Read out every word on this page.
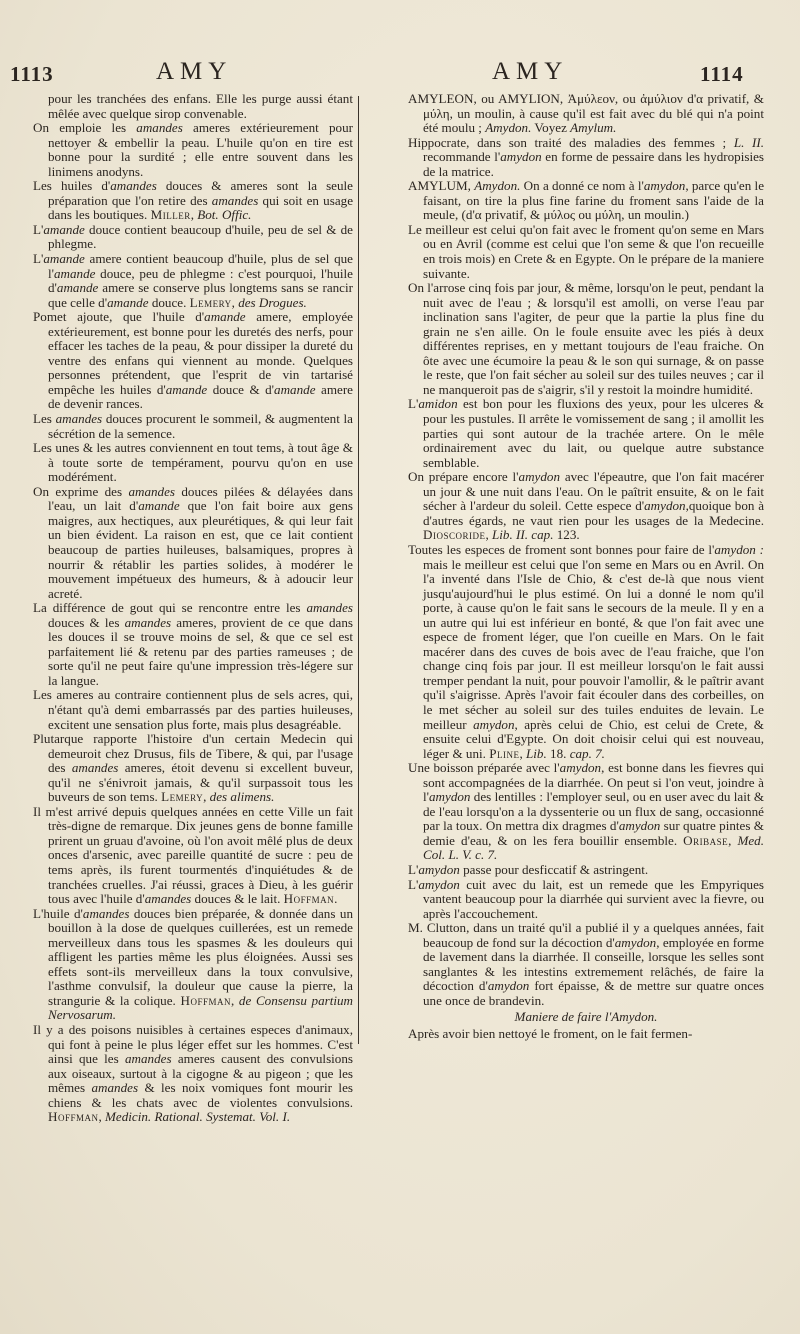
1113	AMY	AMY	1114

pour les tranchées des enfans. Elle les purge aussi étant mêlée avec quelque sirop convenable.

On emploie les amandes ameres extérieurement pour nettoyer & embellir la peau. L'huile qu'on en tire est bonne pour la surdité ; elle entre souvent dans les linimens anodyns.

Les huiles d'amandes douces & ameres sont la seule préparation que l'on retire des amandes qui soit en usage dans les boutiques. Miller, Bot. Offic.

L'amande douce contient beaucoup d'huile, peu de sel & de phlegme.

L'amande amere contient beaucoup d'huile, plus de sel que l'amande douce, peu de phlegme : c'est pourquoi, l'huile d'amande amere se conserve plus longtems sans se rancir que celle d'amande douce. Lemery, des Drogues.

Pomet ajoute, que l'huile d'amande amere, employée extérieurement, est bonne pour les duretés des nerfs, pour effacer les taches de la peau, & pour dissiper la dureté du ventre des enfans qui viennent au monde. Quelques personnes prétendent, que l'esprit de vin tartarisé empêche les huiles d'amande douce & d'amande amere de devenir rances.

Les amandes douces procurent le sommeil, & augmentent la sécrétion de la semence.

Les unes & les autres conviennent en tout tems, à tout âge & à toute sorte de tempérament, pourvu qu'on en use modérément.

On exprime des amandes douces pilées & délayées dans l'eau, un lait d'amande que l'on fait boire aux gens maigres, aux hectiques, aux pleurétiques, & qui leur fait un bien évident. La raison en est, que ce lait contient beaucoup de parties huileuses, balsamiques, propres à nourrir & rétablir les parties solides, à modérer le mouvement impétueux des humeurs, & à adoucir leur acreté.

La différence de gout qui se rencontre entre les amandes douces & les amandes ameres, provient de ce que dans les douces il se trouve moins de sel, & que ce sel est parfaitement lié & retenu par des parties rameuses ; de sorte qu'il ne peut faire qu'une impression très-légere sur la langue.

Les ameres au contraire contiennent plus de sels acres, qui, n'étant qu'à demi embarrassés par des parties huileuses, excitent une sensation plus forte, mais plus desagréable.

Plutarque rapporte l'histoire d'un certain Medecin qui demeuroit chez Drusus, fils de Tibere, & qui, par l'usage des amandes ameres, étoit devenu si excellent buveur, qu'il ne s'énivroit jamais, & qu'il surpassoit tous les buveurs de son tems. Lemery, des alimens.

Il m'est arrivé depuis quelques années en cette Ville un fait très-digne de remarque. Dix jeunes gens de bonne famille prirent un gruau d'avoine, où l'on avoit mêlé plus de deux onces d'arsenic, avec pareille quantité de sucre : peu de tems après, ils furent tourmentés d'inquiétudes & de tranchées cruelles. J'ai réussi, graces à Dieu, à les guérir tous avec l'huile d'amandes douces & le lait. Hoffman.

L'huile d'amandes douces bien préparée, & donnée dans un bouillon à la dose de quelques cuillerées, est un remede merveilleux dans tous les spasmes & les douleurs qui affligent les parties même les plus éloignées. Aussi ses effets sont-ils merveilleux dans la toux convulsive, l'asthme convulsif, la douleur que cause la pierre, la strangurie & la colique. Hoffman, de Consensu partium Nervosarum.

Il y a des poisons nuisibles à certaines especes d'animaux, qui font à peine le plus léger effet sur les hommes. C'est ainsi que les amandes ameres causent des convulsions aux oiseaux, surtout à la cigogne & au pigeon ; que les mêmes amandes & les noix vomiques font mourir les chiens & les chats avec de violentes convulsions. Hoffman, Medicin. Rational. Systemat. Vol. I.

AMYLEON, ou AMYLION, Ἀμύλεον, ou ἀμύλιον d'α privatif, & μύλη, un moulin, à cause qu'il est fait avec du blé qui n'a point été moulu ; Amydon. Voyez Amylum.

Hippocrate, dans son traité des maladies des femmes ; L. II. recommande l'amydon en forme de pessaire dans les hydropisies de la matrice.

AMYLUM, Amydon. On a donné ce nom à l'amydon, parce qu'en le faisant, on tire la plus fine farine du froment sans l'aide de la meule, (d'α privatif, & μύλος ou μύλη, un moulin.)

Le meilleur est celui qu'on fait avec le froment qu'on seme en Mars ou en Avril (comme est celui que l'on seme & que l'on recueille en trois mois) en Crete & en Egypte. On le prépare de la maniere suivante.

On l'arrose cinq fois par jour, & même, lorsqu'on le peut, pendant la nuit avec de l'eau ; & lorsqu'il est amolli, on verse l'eau par inclination sans l'agiter, de peur que la partie la plus fine du grain ne s'en aille. On le foule ensuite avec les piés à deux différentes reprises, en y mettant toujours de l'eau fraiche. On ôte avec une écumoire la peau & le son qui surnage, & on passe le reste, que l'on fait sécher au soleil sur des tuiles neuves ; car il ne manqueroit pas de s'aigrir, s'il y restoit la moindre humidité.

L'amidon est bon pour les fluxions des yeux, pour les ulceres & pour les pustules. Il arrête le vomissement de sang ; il amollit les parties qui sont autour de la trachée artere. On le mêle ordinairement avec du lait, ou quelque autre substance semblable.

On prépare encore l'amydon avec l'épeautre, que l'on fait macérer un jour & une nuit dans l'eau. On le paîtrit ensuite, & on le fait sécher à l'ardeur du soleil. Cette espece d'amydon,quoique bon à d'autres égards, ne vaut rien pour les usages de la Medecine. Dioscoride, Lib. II. cap. 123.

Toutes les especes de froment sont bonnes pour faire de l'amydon : mais le meilleur est celui que l'on seme en Mars ou en Avril. On l'a inventé dans l'Isle de Chio, & c'est de-là que nous vient jusqu'aujourd'hui le plus estimé. On lui a donné le nom qu'il porte, à cause qu'on le fait sans le secours de la meule. Il y en a un autre qui lui est inférieur en bonté, & que l'on fait avec une espece de froment léger, que l'on cueille en Mars. On le fait macérer dans des cuves de bois avec de l'eau fraiche, que l'on change cinq fois par jour. Il est meilleur lorsqu'on le fait aussi tremper pendant la nuit, pour pouvoir l'amollir, & le paîtrir avant qu'il s'aigrisse. Après l'avoir fait écouler dans des corbeilles, on le met sécher au soleil sur des tuiles enduites de levain. Le meilleur amydon, après celui de Chio, est celui de Crete, & ensuite celui d'Egypte. On doit choisir celui qui est nouveau, léger & uni. Pline, Lib. 18. cap. 7.

Une boisson préparée avec l'amydon, est bonne dans les fievres qui sont accompagnées de la diarrhée. On peut si l'on veut, joindre à l'amydon des lentilles : l'employer seul, ou en user avec du lait & de l'eau lorsqu'on a la dyssenterie ou un flux de sang, occasionné par la toux. On mettra dix dragmes d'amydon sur quatre pintes & demie d'eau, & on les fera bouillir ensemble. Oribase, Med. Col. L. V. c. 7.

L'amydon passe pour desficcatif & astringent.

L'amydon cuit avec du lait, est un remede que les Empyriques vantent beaucoup pour la diarrhée qui survient avec la fievre, ou après l'accouchement.

M. Clutton, dans un traité qu'il a publié il y a quelques années, fait beaucoup de fond sur la décoction d'amydon, employée en forme de lavement dans la diarrhée. Il conseille, lorsque les selles sont sanglantes & les intestins extremement relâchés, de faire la décoction d'amydon fort épaisse, & de mettre sur quatre onces une once de brandevin.

Maniere de faire l'Amydon.

Après avoir bien nettoyé le froment, on le fait fermen-
